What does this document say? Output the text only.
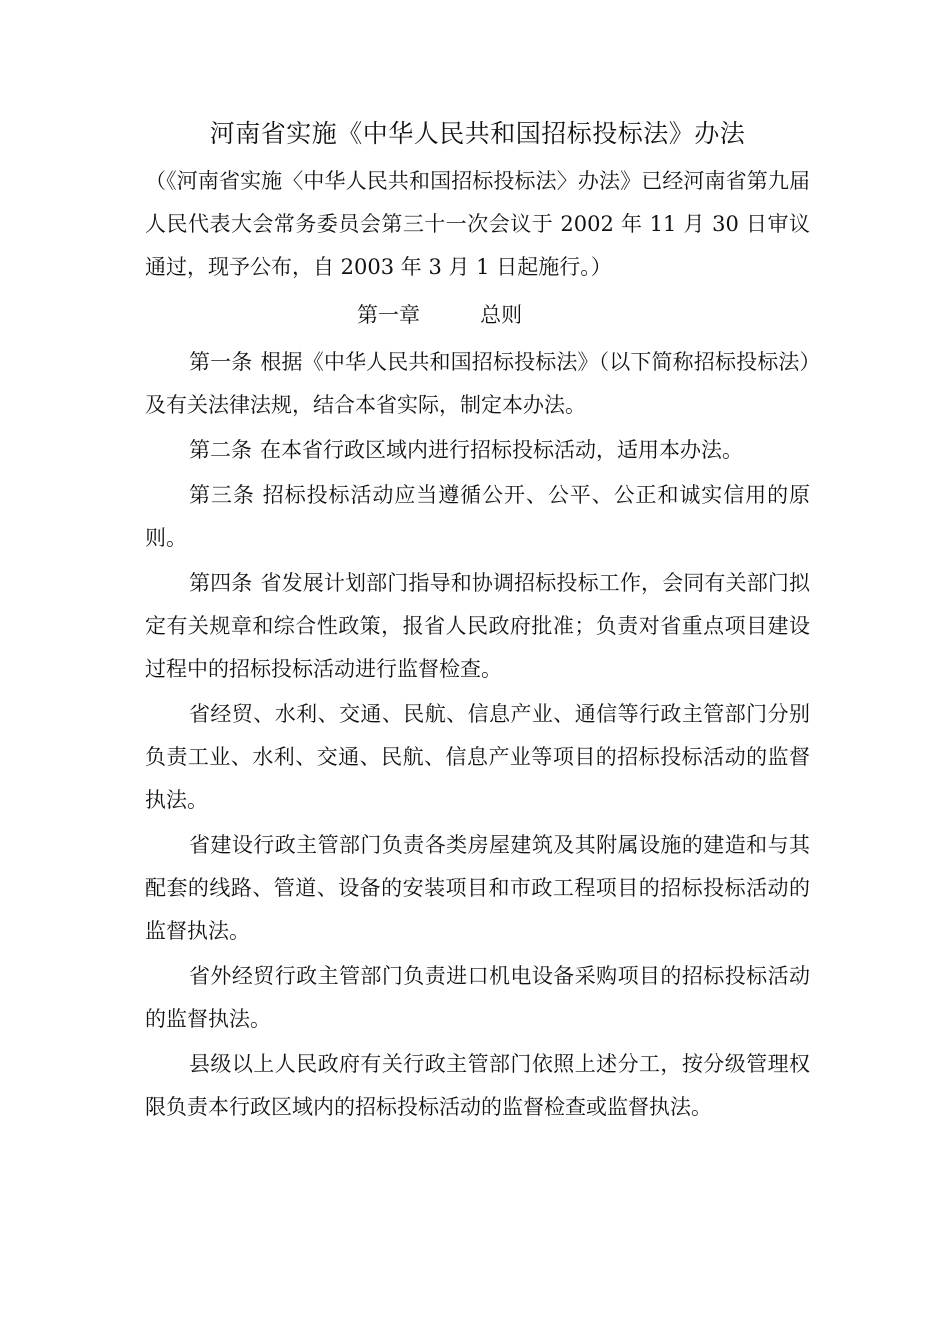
河南省实施《中华人民共和国招标投标法》办法

（《河南省实施〈中华人民共和国招标投标法〉办法》已经河南省第九届人民代表大会常务委员会第三十一次会议于 2002 年 11 月 30 日审议通过，现予公布，自 2003 年 3 月 1 日起施行。）

第一章	总则

第一条 根据《中华人民共和国招标投标法》（以下简称招标投标法）及有关法律法规，结合本省实际，制定本办法。

第二条 在本省行政区域内进行招标投标活动，适用本办法。

第三条 招标投标活动应当遵循公开、公平、公正和诚实信用的原则。

第四条 省发展计划部门指导和协调招标投标工作，会同有关部门拟定有关规章和综合性政策，报省人民政府批准；负责对省重点项目建设过程中的招标投标活动进行监督检查。

省经贸、水利、交通、民航、信息产业、通信等行政主管部门分别负责工业、水利、交通、民航、信息产业等项目的招标投标活动的监督执法。

省建设行政主管部门负责各类房屋建筑及其附属设施的建造和与其配套的线路、管道、设备的安装项目和市政工程项目的招标投标活动的监督执法。

省外经贸行政主管部门负责进口机电设备采购项目的招标投标活动的监督执法。

县级以上人民政府有关行政主管部门依照上述分工，按分级管理权限负责本行政区域内的招标投标活动的监督检查或监督执法。
